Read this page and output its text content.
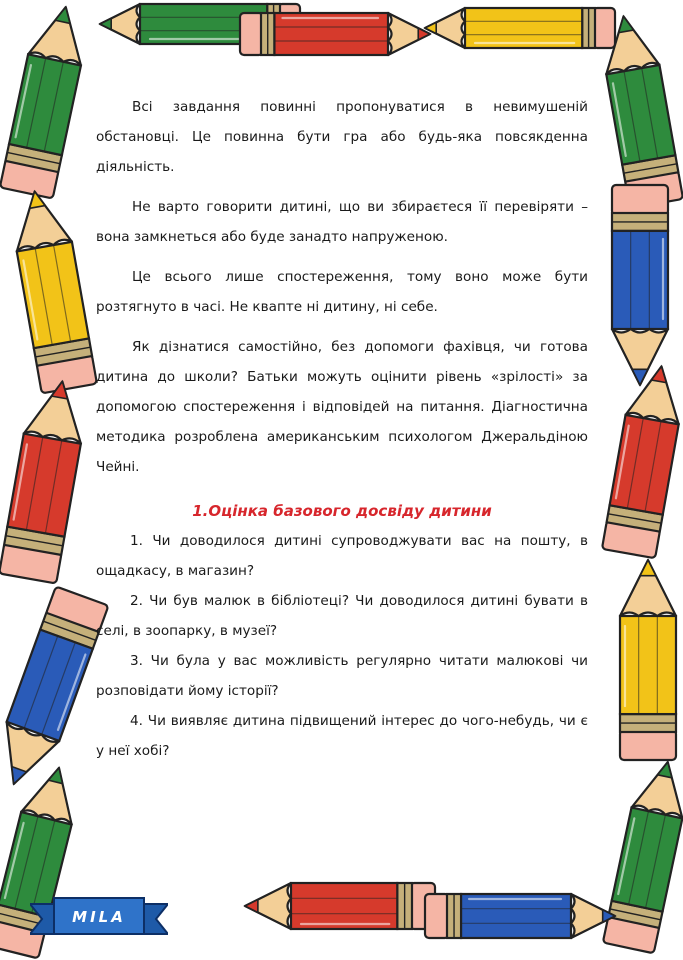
Всі завдання повинні пропонуватися в невимушеній обстановці. Це повинна бути гра або будь-яка повсякденна діяльність.

Не варто говорити дитині, що ви збираєтеся її перевіряти – вона замкнеться або буде занадто напруженою.

Це всього лише спостереження, тому воно може бути розтягнуто в часі. Не квапте ні дитину, ні себе.

Як дізнатися самостійно, без допомоги фахівця, чи готова дитина до школи? Батьки можуть оцінити рівень «зрілості» за допомогою спостереження і відповідей на питання. Діагностична методика розроблена американським психологом Джеральдіною Чейні.

1.Оцінка базового досвіду дитини

1. Чи доводилося дитині супроводжувати вас на пошту, в ощадкасу, в магазин?

2. Чи був малюк в бібліотеці? Чи доводилося дитині бувати в селі, в зоопарку, в музеї?

3. Чи була у вас можливість регулярно читати малюкові чи розповідати йому історії?

4. Чи виявляє дитина підвищений інтерес до чого-небудь, чи є у неї хобі?

MILA
